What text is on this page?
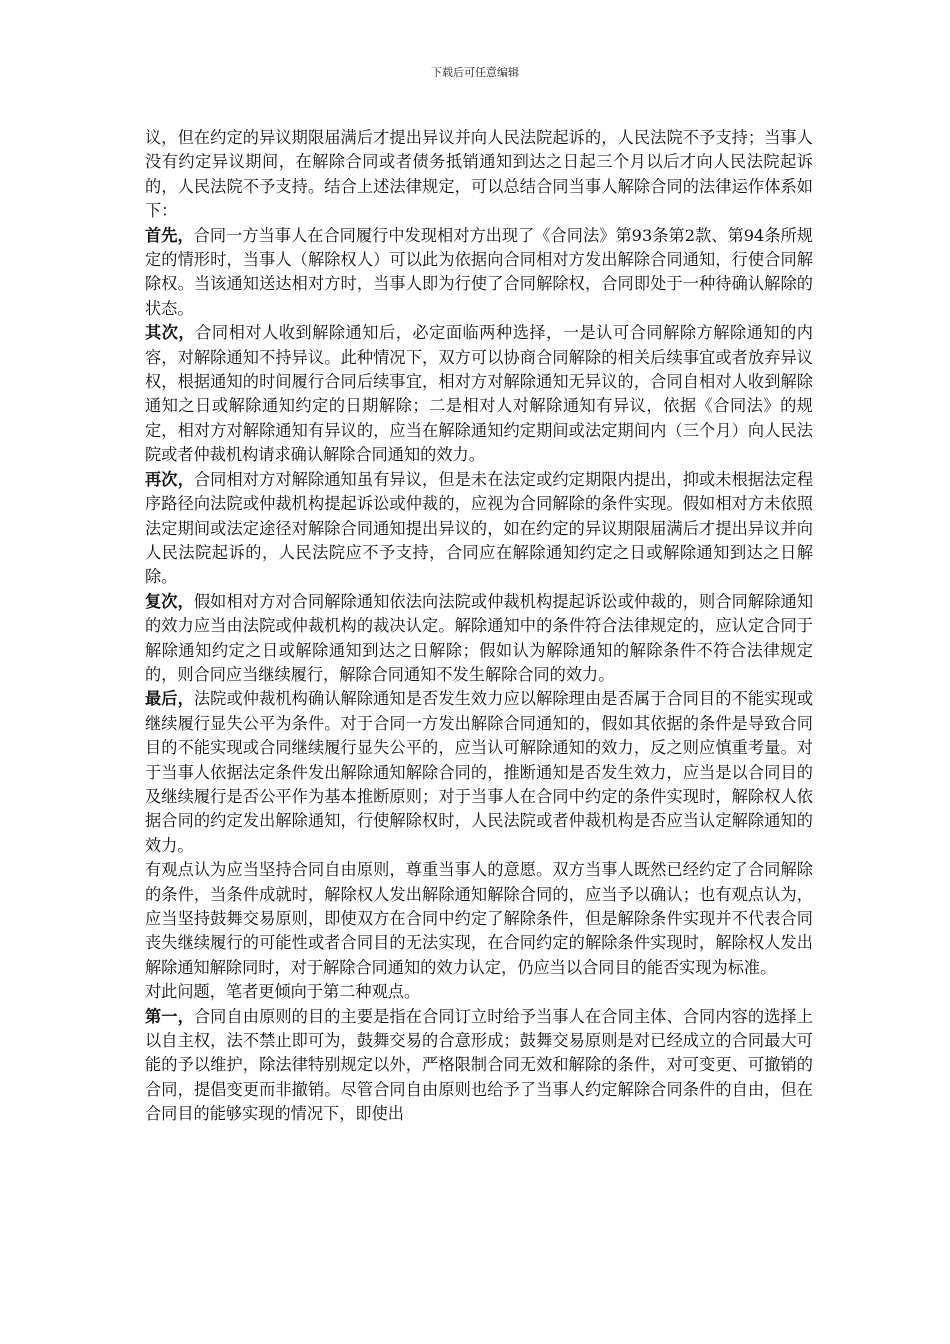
下载后可任意编辑

议，但在约定的异议期限届满后才提出异议并向人民法院起诉的，人民法院不予支持；当事人没有约定异议期间，在解除合同或者债务抵销通知到达之日起三个月以后才向人民法院起诉的，人民法院不予支持。结合上述法律规定，可以总结合同当事人解除合同的法律运作体系如下：

首先，合同一方当事人在合同履行中发现相对方出现了《合同法》第93条第2款、第94条所规定的情形时，当事人（解除权人）可以此为依据向合同相对方发出解除合同通知，行使合同解除权。当该通知送达相对方时，当事人即为行使了合同解除权，合同即处于一种待确认解除的状态。

其次，合同相对人收到解除通知后，必定面临两种选择，一是认可合同解除方解除通知的内容，对解除通知不持异议。此种情况下，双方可以协商合同解除的相关后续事宜或者放弃异议权，根据通知的时间履行合同后续事宜，相对方对解除通知无异议的，合同自相对人收到解除通知之日或解除通知约定的日期解除；二是相对人对解除通知有异议，依据《合同法》的规定，相对方对解除通知有异议的，应当在解除通知约定期间或法定期间内（三个月）向人民法院或者仲裁机构请求确认解除合同通知的效力。

再次，合同相对方对解除通知虽有异议，但是未在法定或约定期限内提出，抑或未根据法定程序路径向法院或仲裁机构提起诉讼或仲裁的，应视为合同解除的条件实现。假如相对方未依照法定期间或法定途径对解除合同通知提出异议的，如在约定的异议期限届满后才提出异议并向人民法院起诉的，人民法院应不予支持，合同应在解除通知约定之日或解除通知到达之日解除。

复次，假如相对方对合同解除通知依法向法院或仲裁机构提起诉讼或仲裁的，则合同解除通知的效力应当由法院或仲裁机构的裁决认定。解除通知中的条件符合法律规定的，应认定合同于解除通知约定之日或解除通知到达之日解除；假如认为解除通知的解除条件不符合法律规定的，则合同应当继续履行，解除合同通知不发生解除合同的效力。

最后，法院或仲裁机构确认解除通知是否发生效力应以解除理由是否属于合同目的不能实现或继续履行显失公平为条件。对于合同一方发出解除合同通知的，假如其依据的条件是导致合同目的不能实现或合同继续履行显失公平的，应当认可解除通知的效力，反之则应慎重考量。对于当事人依据法定条件发出解除通知解除合同的，推断通知是否发生效力，应当是以合同目的及继续履行是否公平作为基本推断原则；对于当事人在合同中约定的条件实现时，解除权人依据合同的约定发出解除通知，行使解除权时，人民法院或者仲裁机构是否应当认定解除通知的效力。

有观点认为应当坚持合同自由原则，尊重当事人的意愿。双方当事人既然已经约定了合同解除的条件，当条件成就时，解除权人发出解除通知解除合同的，应当予以确认；也有观点认为，应当坚持鼓舞交易原则，即使双方在合同中约定了解除条件，但是解除条件实现并不代表合同丧失继续履行的可能性或者合同目的无法实现，在合同约定的解除条件实现时，解除权人发出解除通知解除同时，对于解除合同通知的效力认定，仍应当以合同目的能否实现为标准。

对此问题，笔者更倾向于第二种观点。

第一，合同自由原则的目的主要是指在合同订立时给予当事人在合同主体、合同内容的选择上以自主权，法不禁止即可为，鼓舞交易的合意形成；鼓舞交易原则是对已经成立的合同最大可能的予以维护，除法律特别规定以外，严格限制合同无效和解除的条件，对可变更、可撤销的合同，提倡变更而非撤销。尽管合同自由原则也给予了当事人约定解除合同条件的自由，但在合同目的能够实现的情况下，即使出
